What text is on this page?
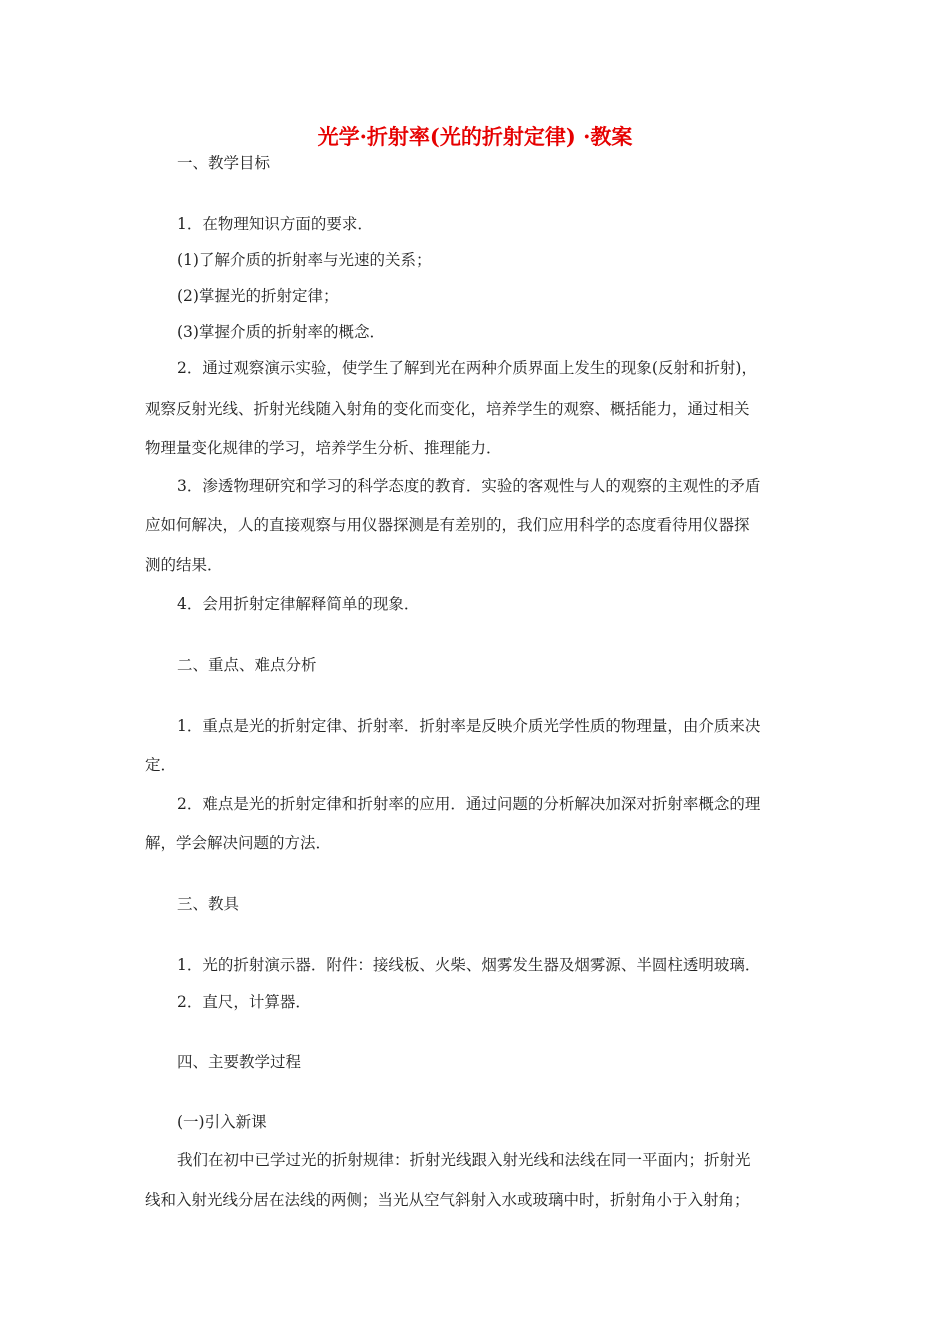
光学·折射率(光的折射定律) ·教案
一、教学目标
1．在物理知识方面的要求．
(1)了解介质的折射率与光速的关系；
(2)掌握光的折射定律；
(3)掌握介质的折射率的概念．
2．通过观察演示实验，使学生了解到光在两种介质界面上发生的现象(反射和折射)，
观察反射光线、折射光线随入射角的变化而变化，培养学生的观察、概括能力，通过相关
物理量变化规律的学习，培养学生分析、推理能力．
3．渗透物理研究和学习的科学态度的教育．实验的客观性与人的观察的主观性的矛盾
应如何解决，人的直接观察与用仪器探测是有差别的，我们应用科学的态度看待用仪器探
测的结果．
4．会用折射定律解释简单的现象．
二、重点、难点分析
1．重点是光的折射定律、折射率．折射率是反映介质光学性质的物理量，由介质来决
定．
2．难点是光的折射定律和折射率的应用．通过问题的分析解决加深对折射率概念的理
解，学会解决问题的方法．
三、教具
1．光的折射演示器．附件：接线板、火柴、烟雾发生器及烟雾源、半圆柱透明玻璃．
2．直尺，计算器．
四、主要教学过程
(一)引入新课
我们在初中已学过光的折射规律：折射光线跟入射光线和法线在同一平面内；折射光
线和入射光线分居在法线的两侧；当光从空气斜射入水或玻璃中时，折射角小于入射角；
